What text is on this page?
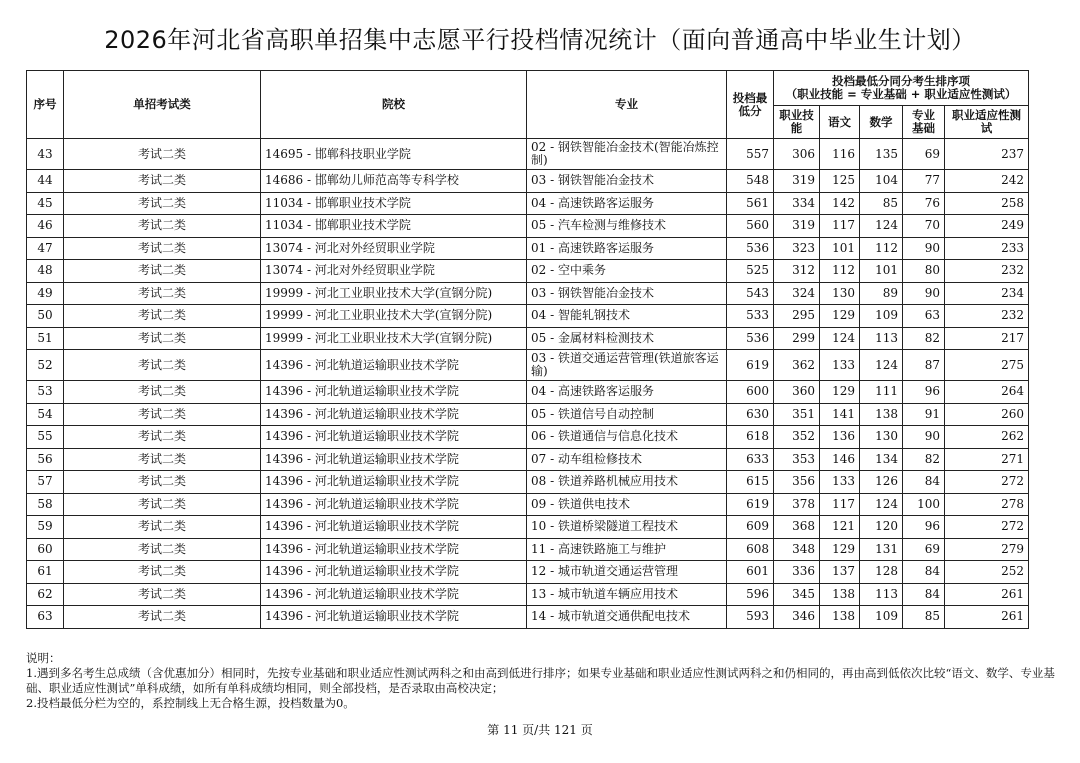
2026年河北省高职单招集中志愿平行投档情况统计（面向普通高中毕业生计划）
序号	单招考试类	院校	专业	投档最低分	投档最低分同分考生排序项
（职业技能 = 专业基础 + 职业适应性测试）				

					职业技能	语文	数学	专业基础	职业适应性测试
43	考试二类	14695 - 邯郸科技职业学院	02 - 钢铁智能冶金技术(智能冶炼控制)	557	306	116	135	69	237
44	考试二类	14686 - 邯郸幼儿师范高等专科学校	03 - 钢铁智能冶金技术	548	319	125	104	77	242
45	考试二类	11034 - 邯郸职业技术学院	04 - 高速铁路客运服务	561	334	142	85	76	258
46	考试二类	11034 - 邯郸职业技术学院	05 - 汽车检测与维修技术	560	319	117	124	70	249
47	考试二类	13074 - 河北对外经贸职业学院	01 - 高速铁路客运服务	536	323	101	112	90	233
48	考试二类	13074 - 河北对外经贸职业学院	02 - 空中乘务	525	312	112	101	80	232
49	考试二类	19999 - 河北工业职业技术大学(宣钢分院)	03 - 钢铁智能冶金技术	543	324	130	89	90	234
50	考试二类	19999 - 河北工业职业技术大学(宣钢分院)	04 - 智能轧钢技术	533	295	129	109	63	232
51	考试二类	19999 - 河北工业职业技术大学(宣钢分院)	05 - 金属材料检测技术	536	299	124	113	82	217
52	考试二类	14396 - 河北轨道运输职业技术学院	03 - 铁道交通运营管理(铁道旅客运输)	619	362	133	124	87	275
53	考试二类	14396 - 河北轨道运输职业技术学院	04 - 高速铁路客运服务	600	360	129	111	96	264
54	考试二类	14396 - 河北轨道运输职业技术学院	05 - 铁道信号自动控制	630	351	141	138	91	260
55	考试二类	14396 - 河北轨道运输职业技术学院	06 - 铁道通信与信息化技术	618	352	136	130	90	262
56	考试二类	14396 - 河北轨道运输职业技术学院	07 - 动车组检修技术	633	353	146	134	82	271
57	考试二类	14396 - 河北轨道运输职业技术学院	08 - 铁道养路机械应用技术	615	356	133	126	84	272
58	考试二类	14396 - 河北轨道运输职业技术学院	09 - 铁道供电技术	619	378	117	124	100	278
59	考试二类	14396 - 河北轨道运输职业技术学院	10 - 铁道桥梁隧道工程技术	609	368	121	120	96	272
60	考试二类	14396 - 河北轨道运输职业技术学院	11 - 高速铁路施工与维护	608	348	129	131	69	279
61	考试二类	14396 - 河北轨道运输职业技术学院	12 - 城市轨道交通运营管理	601	336	137	128	84	252
62	考试二类	14396 - 河北轨道运输职业技术学院	13 - 城市轨道车辆应用技术	596	345	138	113	84	261
63	考试二类	14396 - 河北轨道运输职业技术学院	14 - 城市轨道交通供配电技术	593	346	138	109	85	261
说明：
1.遇到多名考生总成绩（含优惠加分）相同时，先按专业基础和职业适应性测试两科之和由高到低进行排序；如果专业基础和职业适应性测试两科之和仍相同的，再由高到低依次比较“语文、数学、专业基础、职业适应性测试”单科成绩，如所有单科成绩均相同，则全部投档，是否录取由高校决定；
2.投档最低分栏为空的，系控制线上无合格生源，投档数量为0。
第 11 页/共 121 页
